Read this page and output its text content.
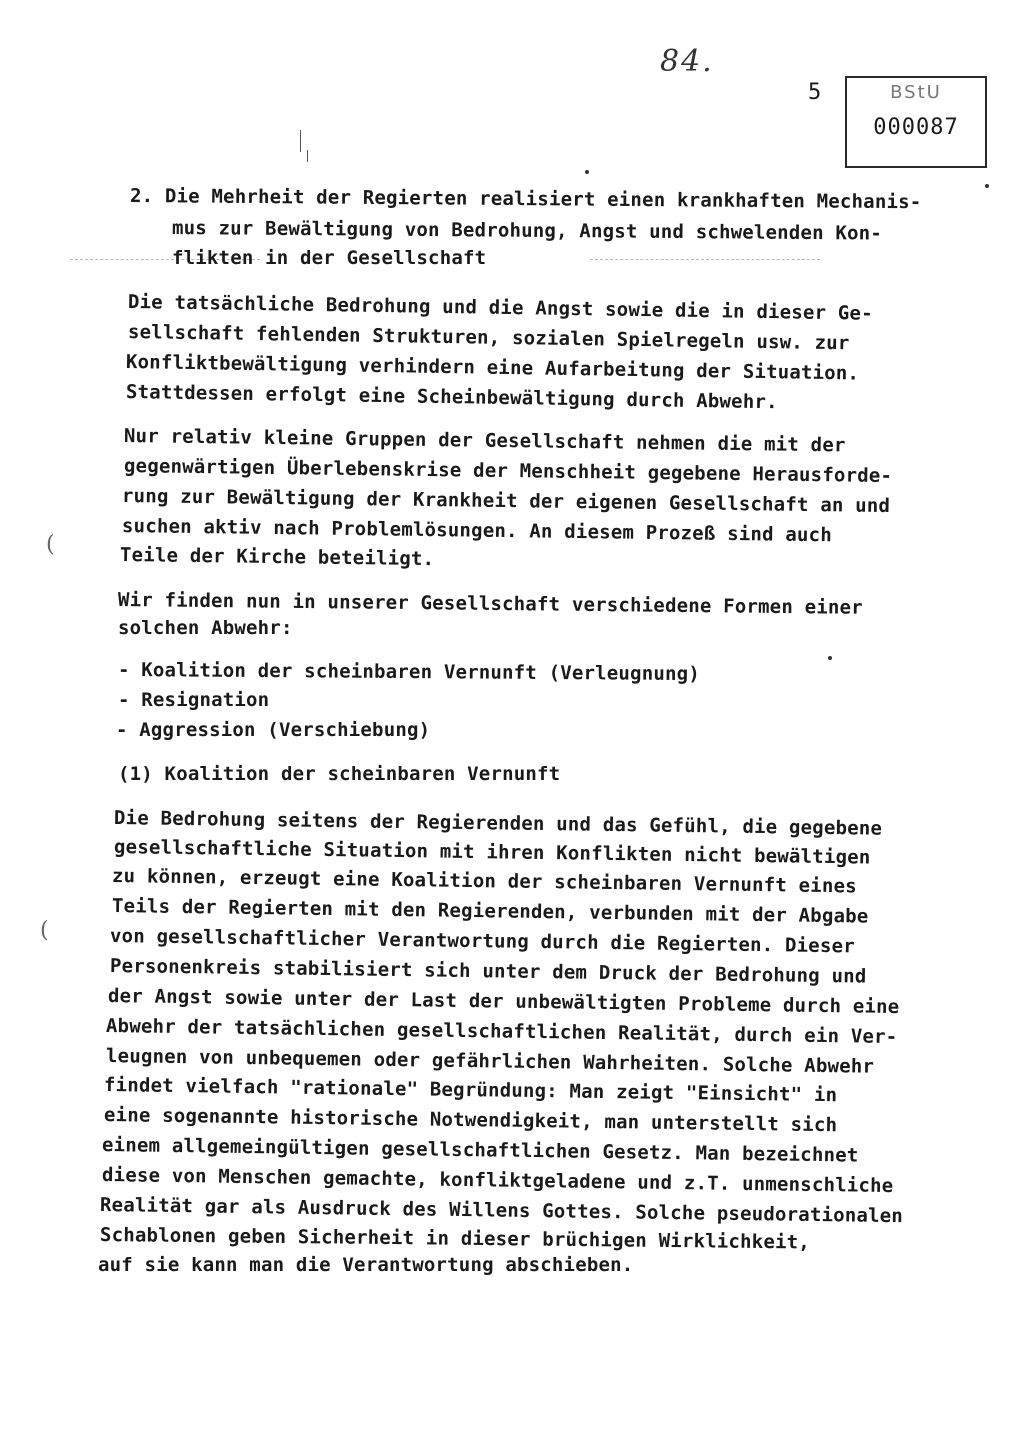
84.
5	BStU
000087
(
(
2. Die Mehrheit der Regierten realisiert einen krankhaften Mechanis-
mus zur Bewältigung von Bedrohung, Angst und schwelenden Kon-
flikten in der Gesellschaft
Die tatsächliche Bedrohung und die Angst sowie die in dieser Ge-
sellschaft fehlenden Strukturen, sozialen Spielregeln usw. zur
Konfliktbewältigung verhindern eine Aufarbeitung der Situation.
Stattdessen erfolgt eine Scheinbewältigung durch Abwehr.
Nur relativ kleine Gruppen der Gesellschaft nehmen die mit der
gegenwärtigen Überlebenskrise der Menschheit gegebene Herausforde-
rung zur Bewältigung der Krankheit der eigenen Gesellschaft an und
suchen aktiv nach Problemlösungen. An diesem Prozeß sind auch
Teile der Kirche beteiligt.
Wir finden nun in unserer Gesellschaft verschiedene Formen einer
solchen Abwehr:
- Koalition der scheinbaren Vernunft (Verleugnung)
- Resignation
- Aggression (Verschiebung)
(1) Koalition der scheinbaren Vernunft
Die Bedrohung seitens der Regierenden und das Gefühl, die gegebene
gesellschaftliche Situation mit ihren Konflikten nicht bewältigen
zu können, erzeugt eine Koalition der scheinbaren Vernunft eines
Teils der Regierten mit den Regierenden, verbunden mit der Abgabe
von gesellschaftlicher Verantwortung durch die Regierten. Dieser
Personenkreis stabilisiert sich unter dem Druck der Bedrohung und
der Angst sowie unter der Last der unbewältigten Probleme durch eine
Abwehr der tatsächlichen gesellschaftlichen Realität, durch ein Ver-
leugnen von unbequemen oder gefährlichen Wahrheiten. Solche Abwehr
findet vielfach "rationale" Begründung: Man zeigt "Einsicht" in
eine sogenannte historische Notwendigkeit, man unterstellt sich
einem allgemeingültigen gesellschaftlichen Gesetz. Man bezeichnet
diese von Menschen gemachte, konfliktgeladene und z.T. unmenschliche
Realität gar als Ausdruck des Willens Gottes. Solche pseudorationalen
Schablonen geben Sicherheit in dieser brüchigen Wirklichkeit,
auf sie kann man die Verantwortung abschieben.
